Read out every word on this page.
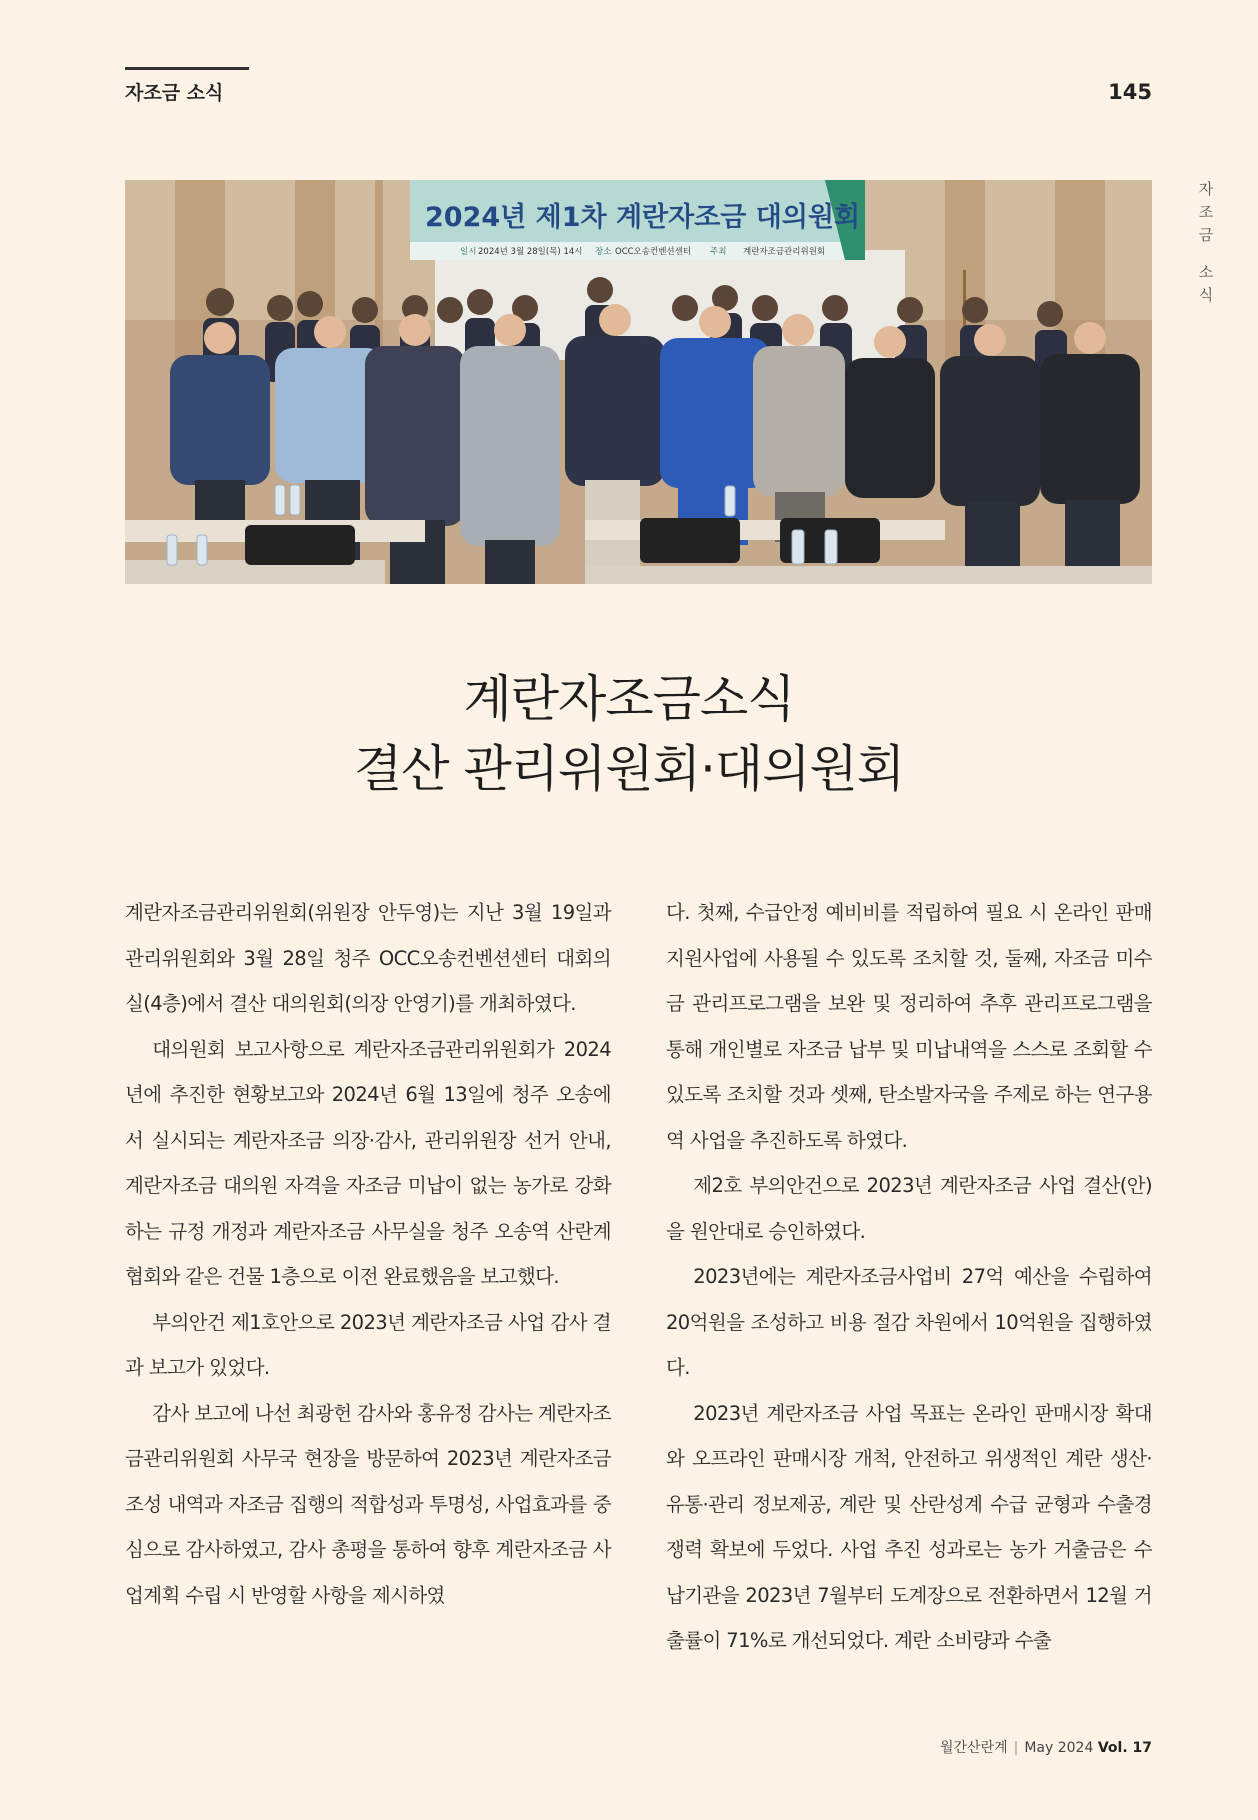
자조금 소식	145
자
조
금
소
식
2024년 제1차 계란자조금 대의원회
일시 2024년 3월 28일(목) 14시 장소 OCC오송컨벤션센터 주최 계란자조금관리위원회
계란자조금소식
결산 관리위원회·대의원회

계란자조금관리위원회(위원장 안두영)는 지난 3월 19일과 관리위원회와 3월 28일 청주 OCC오송컨벤션센터 대회의실(4층)에서 결산 대의원회(의장 안영기)를 개최하였다.

대의원회 보고사항으로 계란자조금관리위원회가 2024년에 추진한 현황보고와 2024년 6월 13일에 청주 오송에서 실시되는 계란자조금 의장·감사, 관리위원장 선거 안내, 계란자조금 대의원 자격을 자조금 미납이 없는 농가로 강화하는 규정 개정과 계란자조금 사무실을 청주 오송역 산란계협회와 같은 건물 1층으로 이전 완료했음을 보고했다.

부의안건 제1호안으로 2023년 계란자조금 사업 감사 결과 보고가 있었다.

감사 보고에 나선 최광헌 감사와 홍유정 감사는 계란자조금관리위원회 사무국 현장을 방문하여 2023년 계란자조금 조성 내역과 자조금 집행의 적합성과 투명성, 사업효과를 중심으로 감사하였고, 감사 총평을 통하여 향후 계란자조금 사업계획 수립 시 반영할 사항을 제시하였

다. 첫째, 수급안정 예비비를 적립하여 필요 시 온라인 판매 지원사업에 사용될 수 있도록 조치할 것, 둘째, 자조금 미수금 관리프로그램을 보완 및 정리하여 추후 관리프로그램을 통해 개인별로 자조금 납부 및 미납내역을 스스로 조회할 수 있도록 조치할 것과 셋째, 탄소발자국을 주제로 하는 연구용역 사업을 추진하도록 하였다.

제2호 부의안건으로 2023년 계란자조금 사업 결산(안)을 원안대로 승인하였다.

2023년에는 계란자조금사업비 27억 예산을 수립하여 20억원을 조성하고 비용 절감 차원에서 10억원을 집행하였다.

2023년 계란자조금 사업 목표는 온라인 판매시장 확대와 오프라인 판매시장 개척, 안전하고 위생적인 계란 생산·유통·관리 정보제공, 계란 및 산란성계 수급 균형과 수출경쟁력 확보에 두었다. 사업 추진 성과로는 농가 거출금은 수납기관을 2023년 7월부터 도계장으로 전환하면서 12월 거출률이 71%로 개선되었다. 계란 소비량과 수출

월간산란계 | May 2024 Vol. 17
